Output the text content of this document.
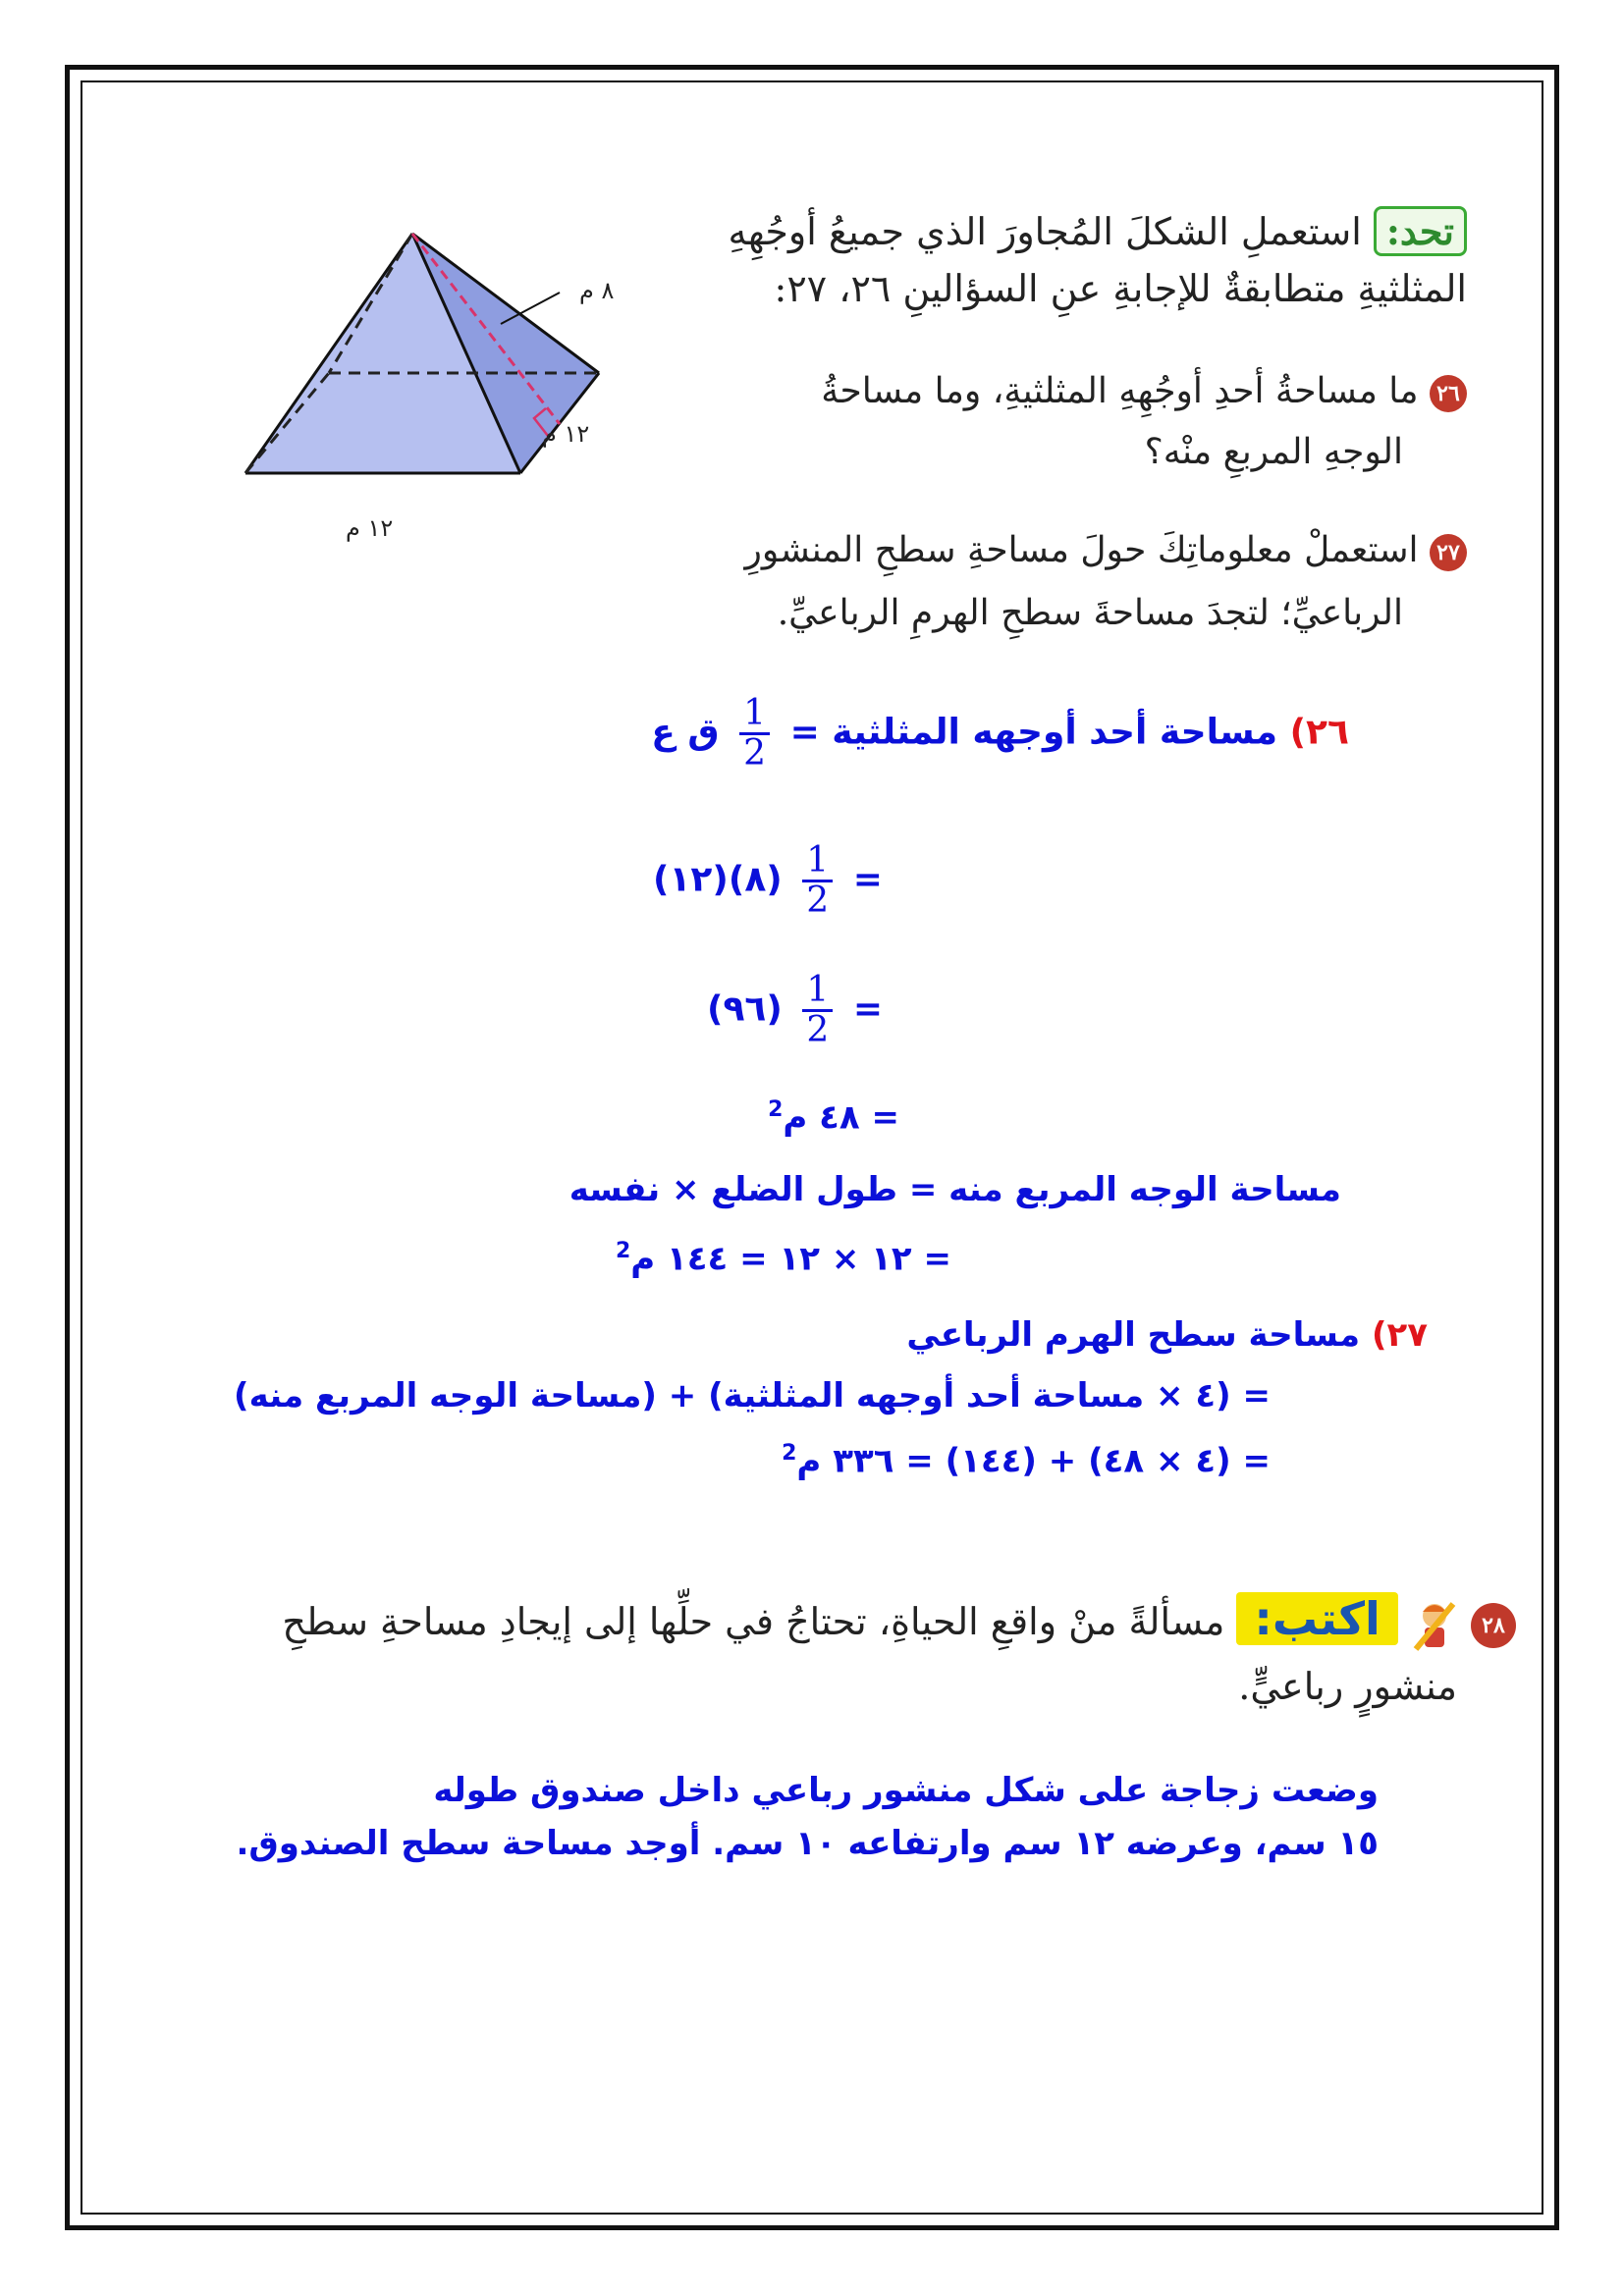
٨ م
١٢ م
١٢ م
تحد: استعملِ الشكلَ المُجاورَ الذي جميعُ أوجُهِهِ
المثلثيةِ متطابقةٌ للإجابةِ عنِ السؤالينِ ٢٦، ٢٧:
٢٦ ما مساحةُ أحدِ أوجُهِهِ المثلثيةِ، وما مساحةُ
الوجهِ المربعِ منْه؟
٢٧ استعملْ معلوماتِكَ حولَ مساحةِ سطحِ المنشورِ
الرباعيِّ؛ لتجدَ مساحةَ سطحِ الهرمِ الرباعيِّ.
٢٦) مساحة أحد أوجهه المثلثية =
$\frac{1}{2}$
ق ع
(١٢)(٨) $\frac{1}{2}$ =
(٩٦) $\frac{1}{2}$ =
= ٤٨ م$^2$
مساحة الوجه المربع منه = طول الضلع × نفسه
= ١٢ × ١٢ = ١٤٤ م$^2$
٢٧) مساحة سطح الهرم الرباعي
= (٤ × مساحة أحد أوجهه المثلثية) + (مساحة الوجه المربع منه)
= (٤ × ٤٨) + (١٤٤) = ٣٣٦ م$^2$
٢٨  اكتب: مسألةً منْ واقعِ الحياةِ، تحتاجُ في حلِّها إلى إيجادِ مساحةِ سطحِ
منشورٍ رباعيٍّ.
وضعت زجاجة على شكل منشور رباعي داخل صندوق طوله
١٥ سم، وعرضه ١٢ سم وارتفاعه ١٠ سم. أوجد مساحة سطح الصندوق.
